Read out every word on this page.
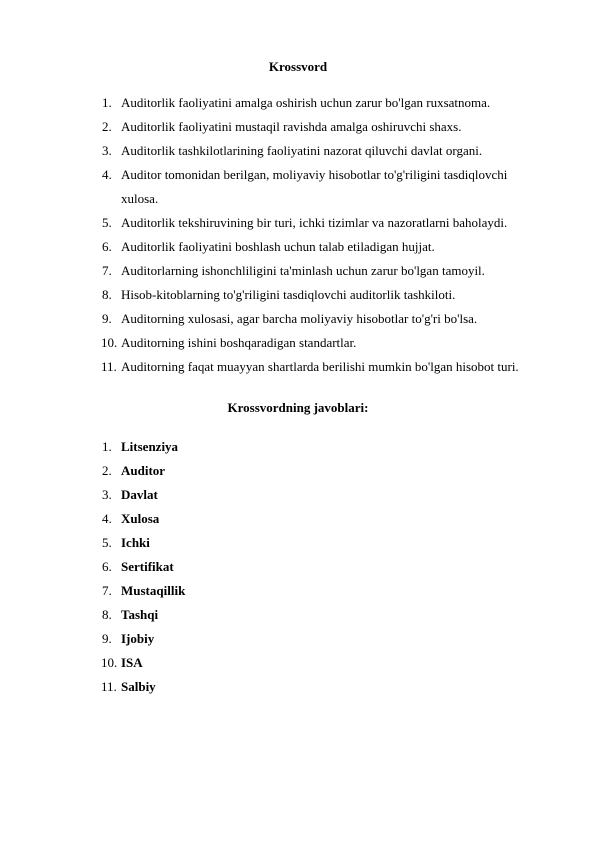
Krossvord
1. Auditorlik faoliyatini amalga oshirish uchun zarur bo'lgan ruxsatnoma.
2. Auditorlik faoliyatini mustaqil ravishda amalga oshiruvchi shaxs.
3. Auditorlik tashkilotlarining faoliyatini nazorat qiluvchi davlat organi.
4. Auditor tomonidan berilgan, moliyaviy hisobotlar to'g'riligini tasdiqlovchi
xulosa.
5. Auditorlik tekshiruvining bir turi, ichki tizimlar va nazoratlarni baholaydi.
6. Auditorlik faoliyatini boshlash uchun talab etiladigan hujjat.
7. Auditorlarning ishonchliligini ta'minlash uchun zarur bo'lgan tamoyil.
8. Hisob-kitoblarning to'g'riligini tasdiqlovchi auditorlik tashkiloti.
9. Auditorning xulosasi, agar barcha moliyaviy hisobotlar to'g'ri bo'lsa.
10. Auditorning ishini boshqaradigan standartlar.
11. Auditorning faqat muayyan shartlarda berilishi mumkin bo'lgan hisobot turi.
Krossvordning javoblari:
1. Litsenziya
2. Auditor
3. Davlat
4. Xulosa
5. Ichki
6. Sertifikat
7. Mustaqillik
8. Tashqi
9. Ijobiy
10. ISA
11. Salbiy
